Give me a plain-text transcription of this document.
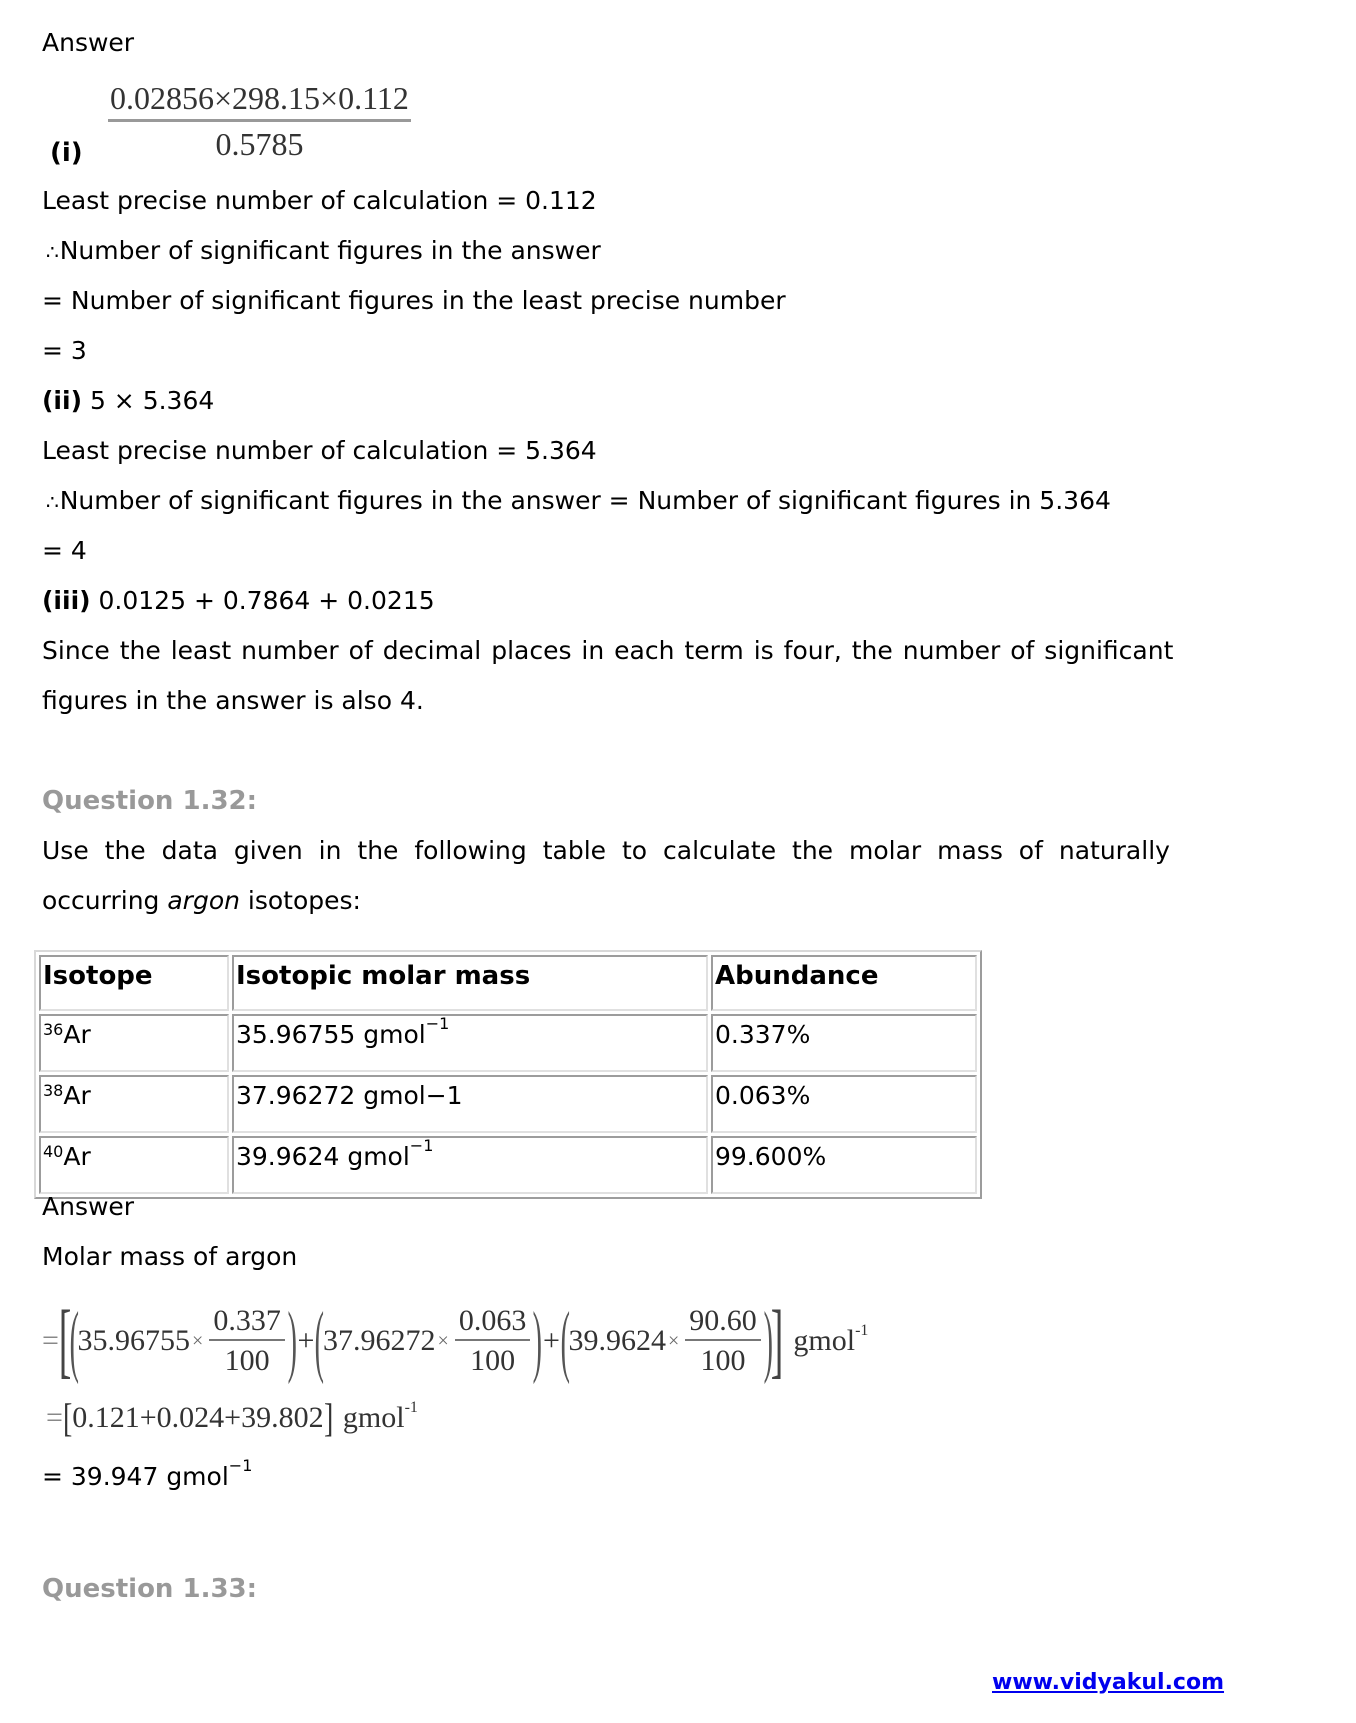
Answer
$\frac{0.02856\times 298.15\times 0.112}{0.5785}$
(i)
Least precise number of calculation = 0.112
∴Number of significant figures in the answer
= Number of significant figures in the least precise number
= 3
(ii) 5 × 5.364
Least precise number of calculation = 5.364
∴Number of significant figures in the answer = Number of significant figures in 5.364
= 4
(iii) 0.0125 + 0.7864 + 0.0215
Since the least number of decimal places in each term is four, the number of significant
figures in the answer is also 4.
Question 1.32:
Use the data given in the following table to calculate the molar mass of naturally
occurring argon isotopes:
Isotope	Isotopic molar mass	Abundance
$^{36}$Ar	35.96755 gmol$^{-1}$	0.337%
$^{38}$Ar	37.96272 gmol−1	0.063%
$^{40}$Ar	39.9624 gmol$^{-1}$	99.600%
Answer
Molar mass of argon
= [
(
$35.96755 \times \frac{0.337}{100}$ ) + (
$37.96272 \times \frac{0.063}{100}$ ) + (
$39.9624 \times \frac{90.60}{100}$ )
] gmol$^{-1}$
= [ 0.121+0.024+39.802 ] gmol$^{-1}$
= 39.947 gmol$^{-1}$
Question 1.33:
www.vidyakul.com
